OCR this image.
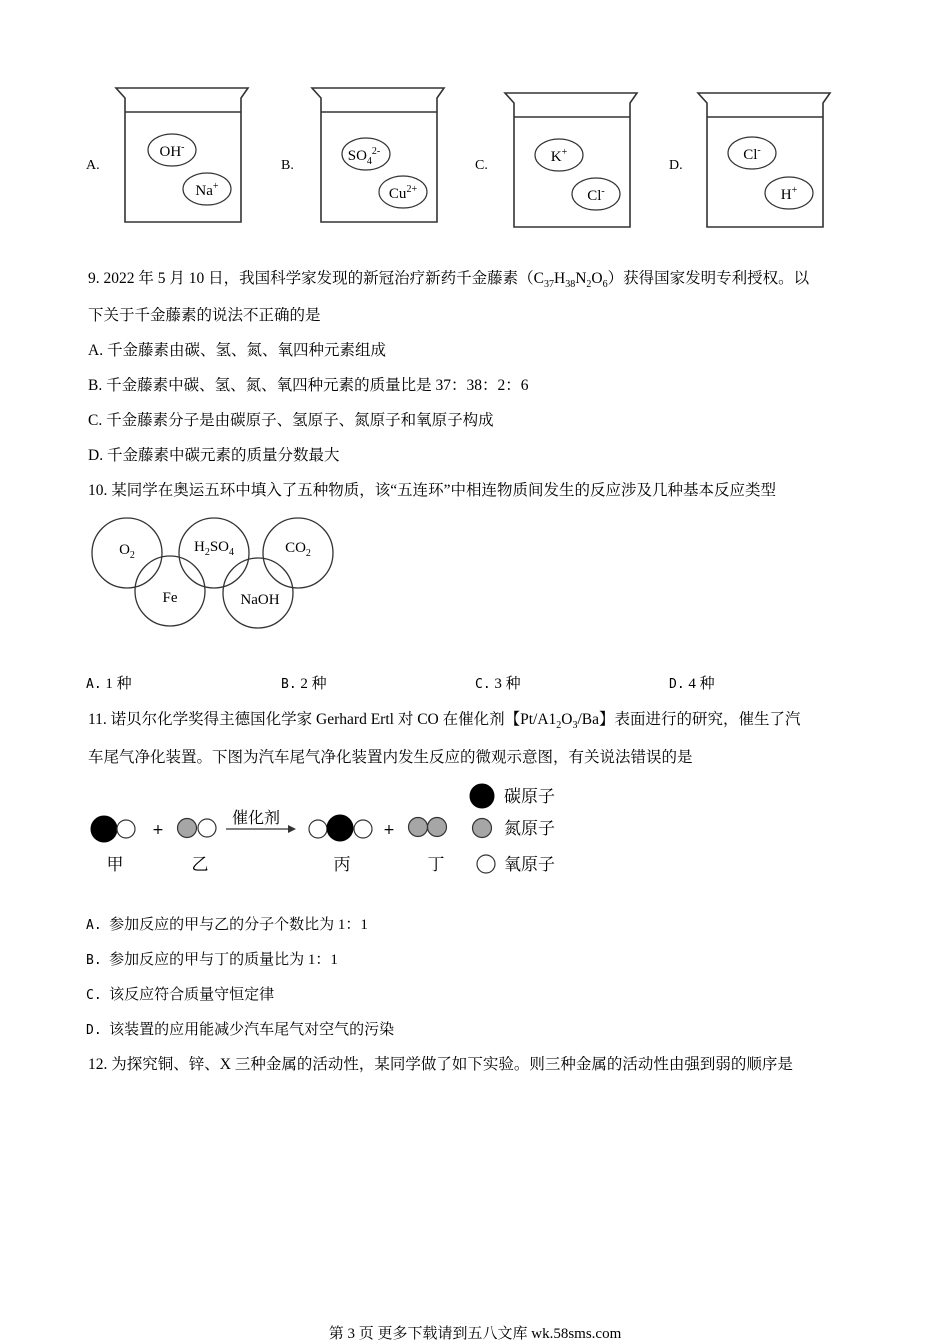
A.
OH-
Na+
B.
$SO_4^{2-}$
$Cu^{2+}$
C.
K+
Cl-
D.
Cl-
H+
9. 2022 年 5 月 10 日，我国科学家发现的新冠治疗新药千金藤素$(C_{37}H_{38}N_2O_6)$获得国家发明专利授权。以
下关于千金藤素的说法不正确的是
A. 千金藤素由碳、氢、氮、氧四种元素组成
B. 千金藤素中碳、氢、氮、氧四种元素的质量比是 37：38：2：6
C. 千金藤素分子是由碳原子、氢原子、氮原子和氧原子构成
D. 千金藤素中碳元素的质量分数最大
10. 某同学在奥运五环中填入了五种物质，该“五连环”中相连物质间发生的反应涉及几种基本反应类型
$O_2$
$H_2SO_4$	$CO_2$
Fe	NaOH
A. 1 种	B. 2 种	C. 3 种	D. 4 种
11. 诺贝尔化学奖得主德国化学家 Gerhard Ertl 对 CO 在催化剂【$Pt/A1_2O_3/Ba$】表面进行的研究，催生了汽
车尾气净化装置。下图为汽车尾气净化装置内发生反应的微观示意图，有关说法错误的是
+
催化剂
+
甲	乙	丙	丁
碳原子
氮原子
氧原子
A. 参加反应的甲与乙的分子个数比为 1：1
B. 参加反应的甲与丁的质量比为 1：1
C. 该反应符合质量守恒定律
D. 该装置的应用能减少汽车尾气对空气的污染
12. 为探究铜、锌、X 三种金属的活动性，某同学做了如下实验。则三种金属的活动性由强到弱的顺序是
第 3 页 更多下载请到五八文库 wk.58sms.com
